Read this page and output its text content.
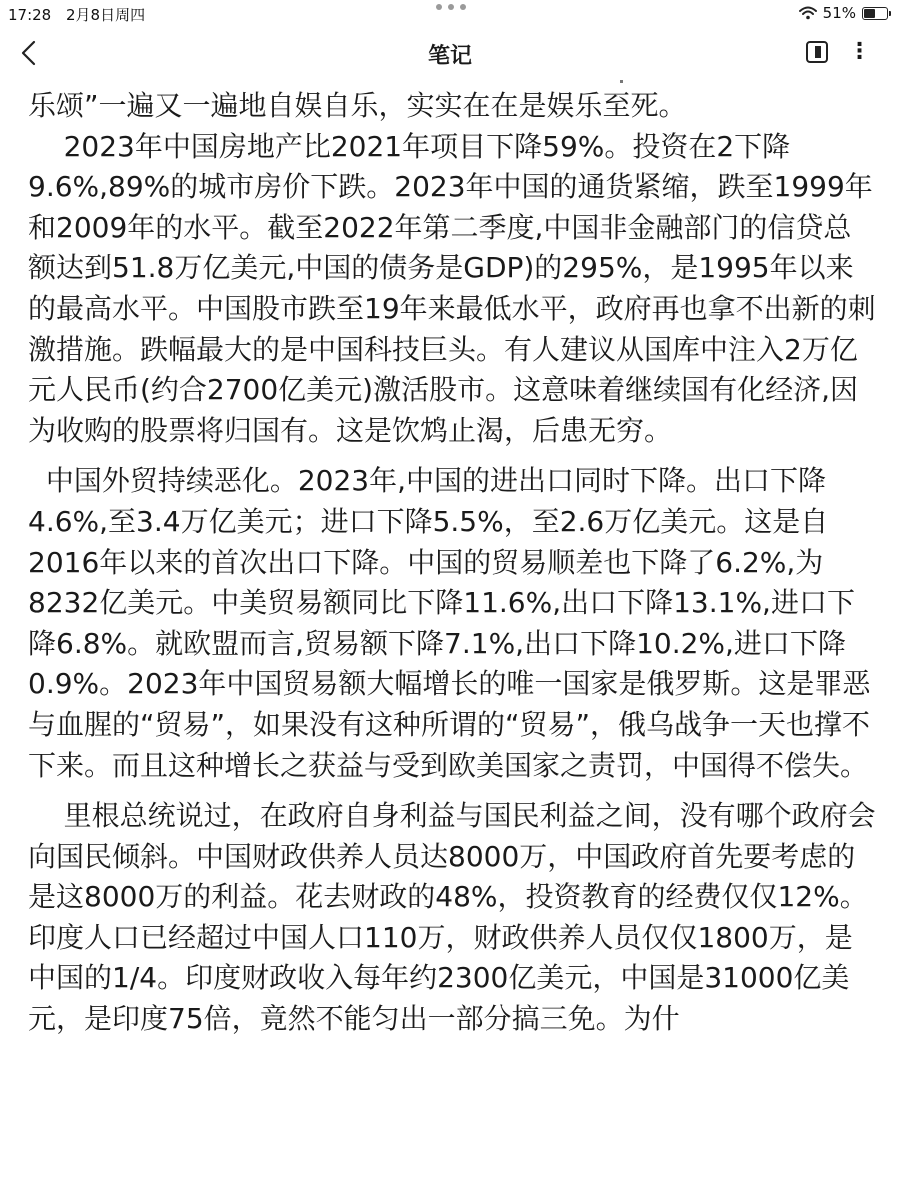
17:28 2月8日周四	51%
笔记	⋮

乐颂”一遍又一遍地自娱自乐，实实在在是娱乐至死。

2023年中国房地产比2021年项目下降59%。投资在2下降9.6%,89%的城市房价下跌。2023年中国的通货紧缩，跌至1999年和2009年的水平。截至2022年第二季度,中国非金融部门的信贷总额达到51.8万亿美元,中国的债务是GDP)的295%，是1995年以来的最高水平。中国股市跌至19年来最低水平，政府再也拿不出新的刺激措施。跌幅最大的是中国科技巨头。有人建议从国库中注入2万亿元人民币(约合2700亿美元)激活股市。这意味着继续国有化经济,因为收购的股票将归国有。这是饮鸩止渴，后患无穷。

中国外贸持续恶化。2023年,中国的进出口同时下降。出口下降4.6%,至3.4万亿美元；进口下降5.5%，至2.6万亿美元。这是自2016年以来的首次出口下降。中国的贸易顺差也下降了6.2%,为8232亿美元。中美贸易额同比下降11.6%,出口下降13.1%,进口下降6.8%。就欧盟而言,贸易额下降7.1%,出口下降10.2%,进口下降0.9%。2023年中国贸易额大幅增长的唯一国家是俄罗斯。这是罪恶与血腥的“贸易”，如果没有这种所谓的“贸易”，俄乌战争一天也撑不下来。而且这种增长之获益与受到欧美国家之责罚，中国得不偿失。

里根总统说过，在政府自身利益与国民利益之间，没有哪个政府会向国民倾斜。中国财政供养人员达8000万，中国政府首先要考虑的是这8000万的利益。花去财政的48%，投资教育的经费仅仅12%。印度人口已经超过中国人口110万，财政供养人员仅仅1800万，是中国的1/4。印度财政收入每年约2300亿美元，中国是31000亿美元，是印度75倍，竟然不能匀出一部分搞三免。为什
